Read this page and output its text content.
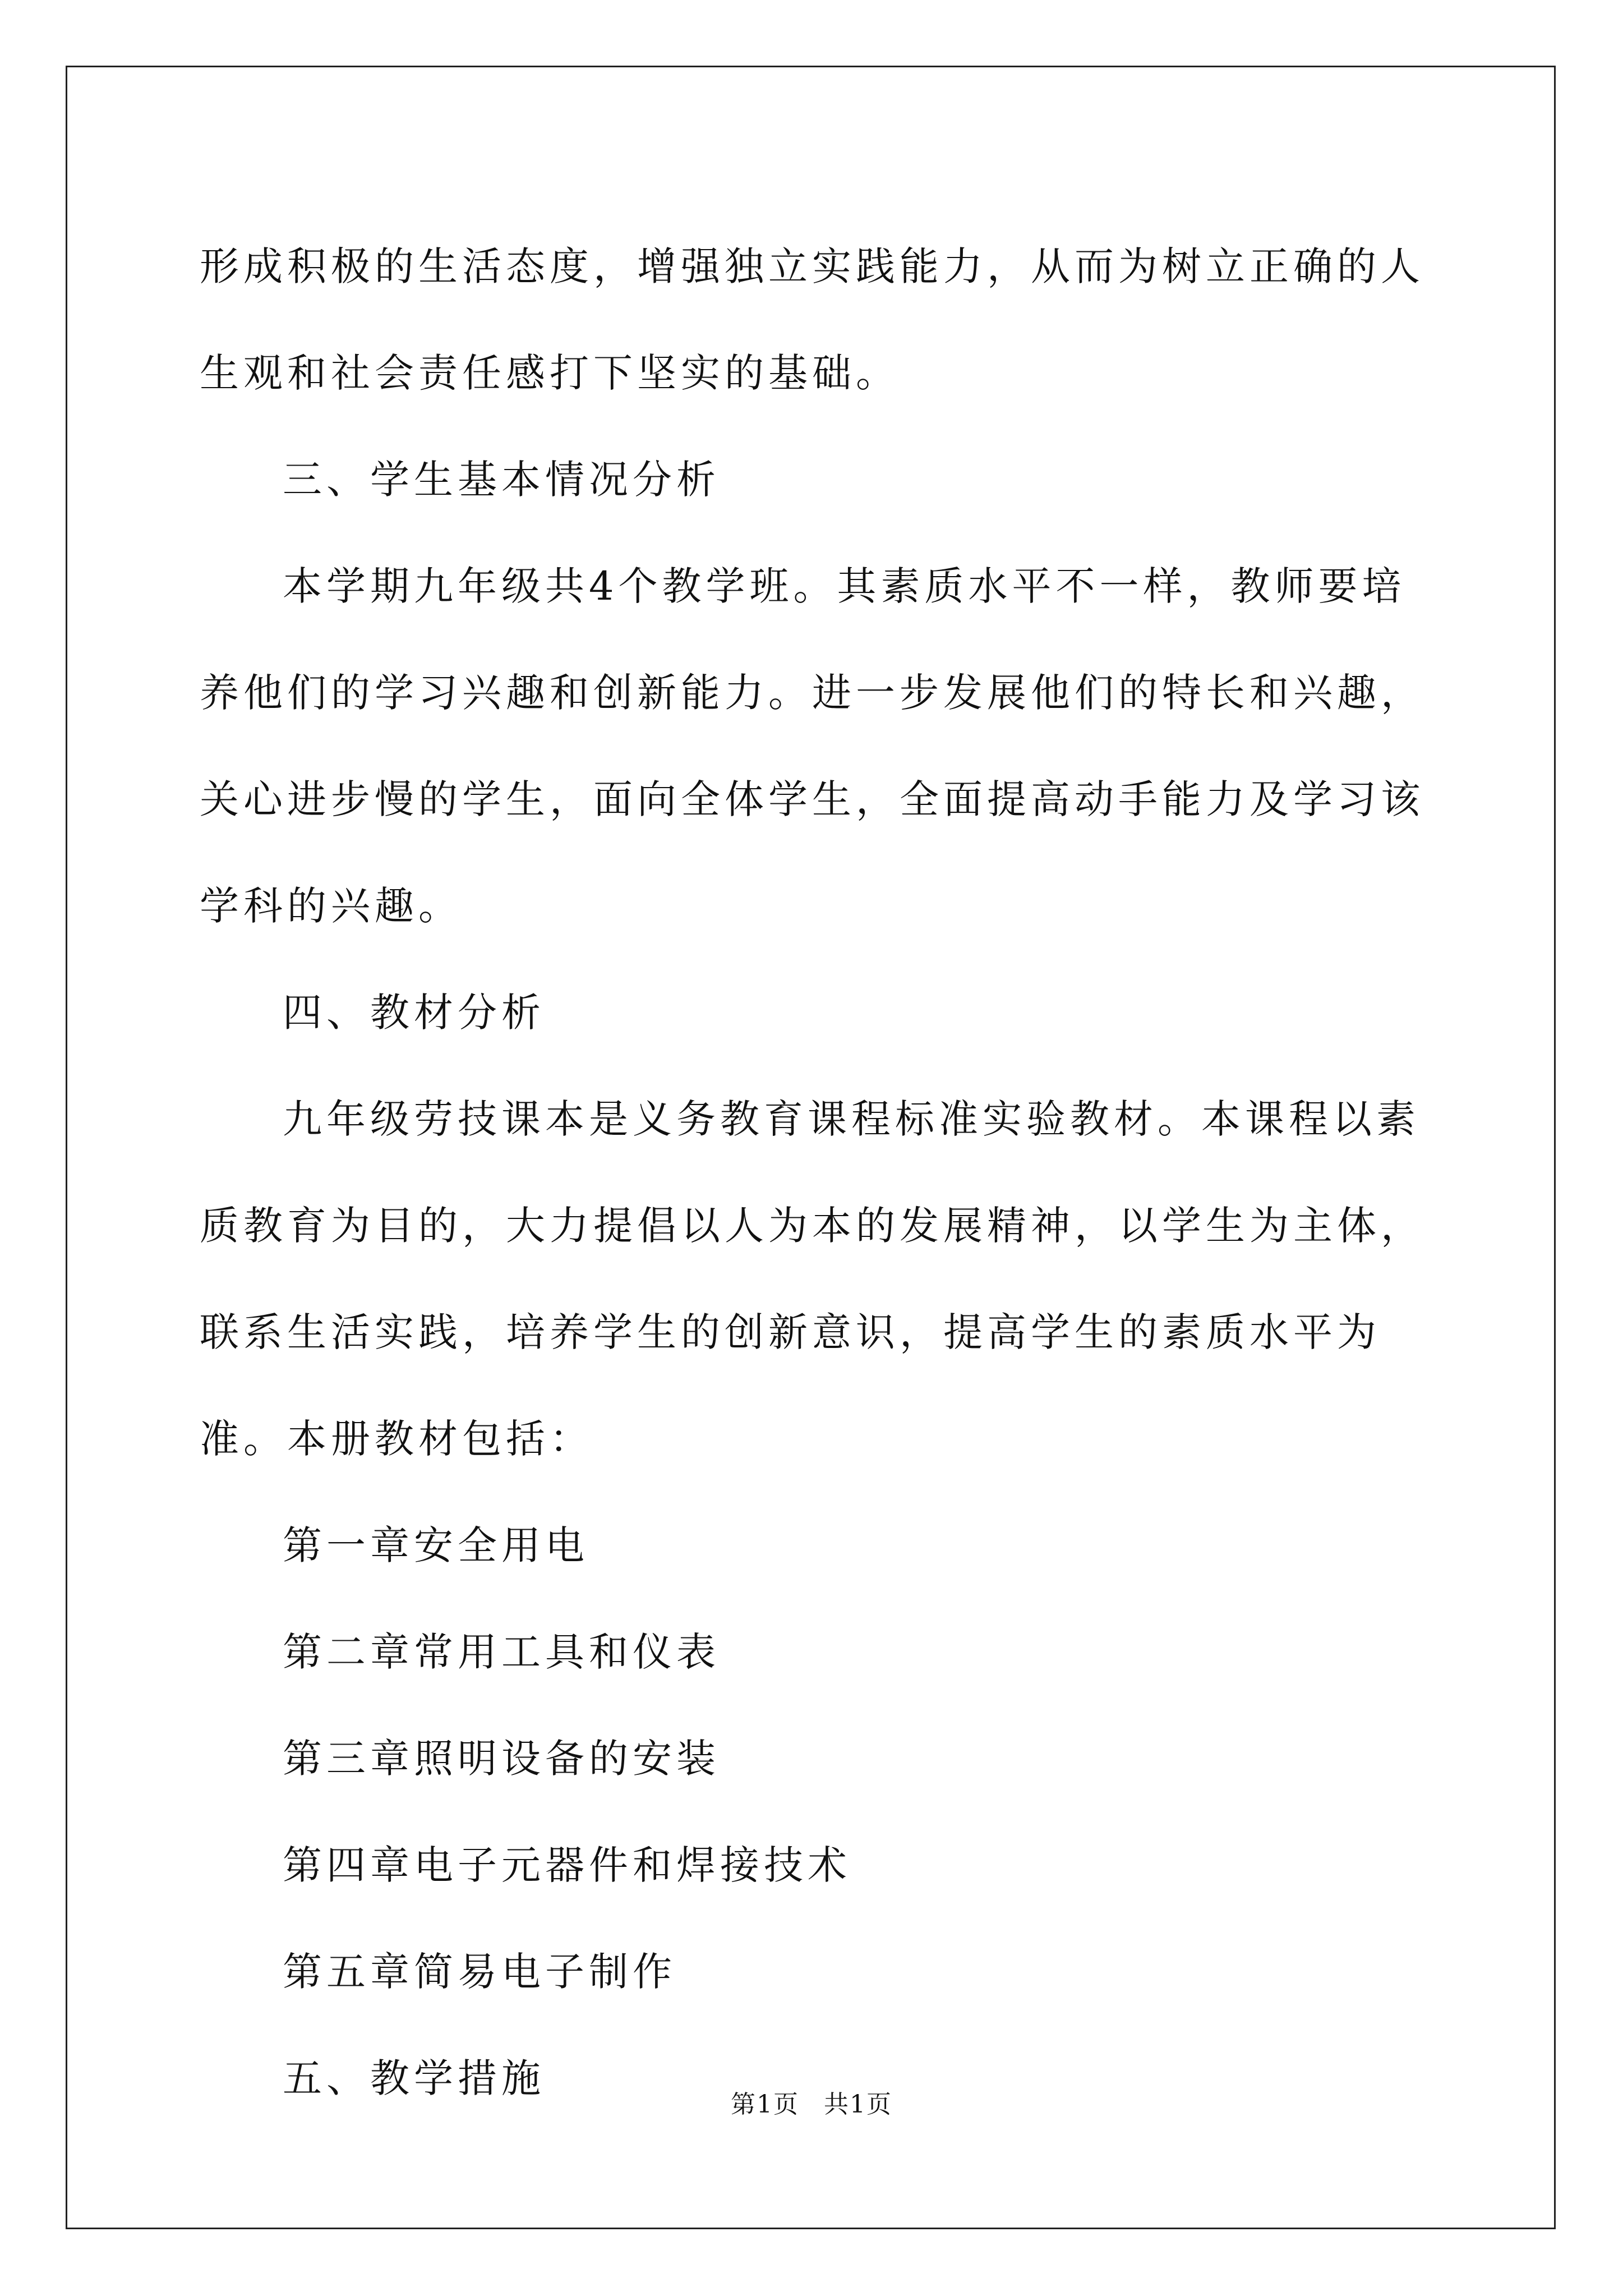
形成积极的生活态度，增强独立实践能力，从而为树立正确的人生观和社会责任感打下坚实的基础。

三、学生基本情况分析

本学期九年级共4个教学班。其素质水平不一样，教师要培养他们的学习兴趣和创新能力。进一步发展他们的特长和兴趣，关心进步慢的学生，面向全体学生，全面提高动手能力及学习该学科的兴趣。

四、教材分析

九年级劳技课本是义务教育课程标准实验教材。本课程以素质教育为目的，大力提倡以人为本的发展精神，以学生为主体，联系生活实践，培养学生的创新意识，提高学生的素质水平为准。本册教材包括：

第一章安全用电

第二章常用工具和仪表

第三章照明设备的安装

第四章电子元器件和焊接技术

第五章简易电子制作

五、教学措施

第1页 共1页
